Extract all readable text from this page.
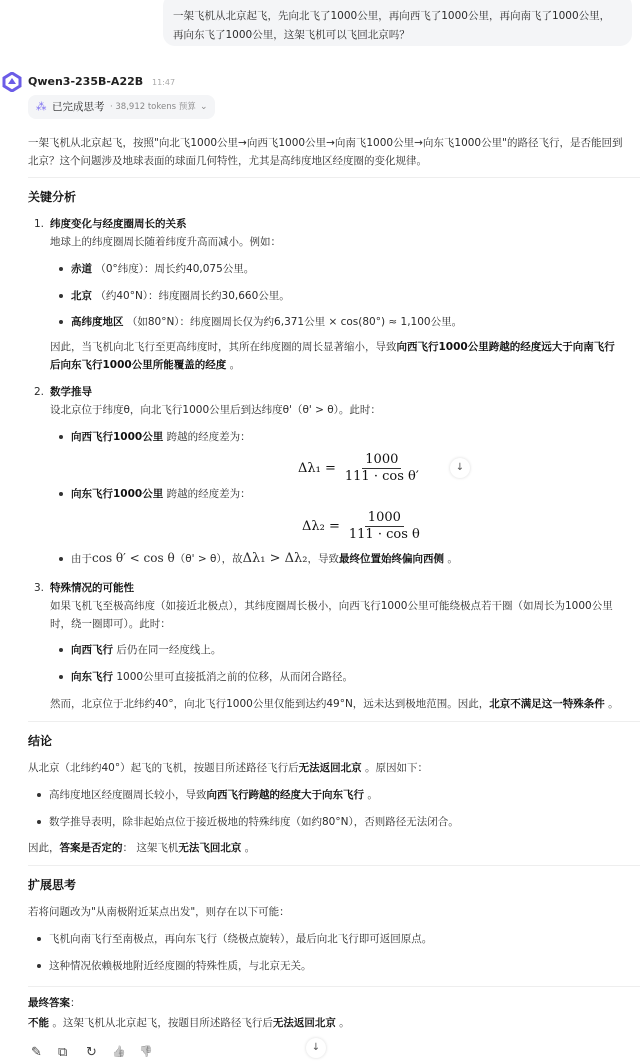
一架飞机从北京起飞，先向北飞了1000公里，再向西飞了1000公里，再向南飞了1000公里，
再向东飞了1000公里，这架飞机可以飞回北京吗？
Qwen3-235B-A22B 11:47
⁂ 已完成思考 · 38,912 tokens 预算 ⌄
一架飞机从北京起飞，按照"向北飞1000公里→向西飞1000公里→向南飞1000公里→向东飞1000公里"的路径飞行，是否能回到
北京？这个问题涉及地球表面的球面几何特性，尤其是高纬度地区经度圈的变化规律。
关键分析
1. 纬度变化与经度圈周长的关系
地球上的纬度圈周长随着纬度升高而减小。例如：
赤道 （0°纬度）：周长约40,075公里。
北京 （约40°N）：纬度圈周长约30,660公里。
高纬度地区 （如80°N）：纬度圈周长仅为约6,371公里 × cos(80°) ≈ 1,100公里。
因此，当飞机向北飞行至更高纬度时，其所在纬度圈的周长显著缩小，导致向西飞行1000公里跨越的经度远大于向南飞行
后向东飞行1000公里所能覆盖的经度 。
2. 数学推导
设北京位于纬度θ，向北飞行1000公里后到达纬度θ'（θ' > θ）。此时：
向西飞行1000公里 跨越的经度差为：
$\Delta\lambda_1 = \frac{1000}{\text{111 · cos θ′}}$
向东飞行1000公里 跨越的经度差为：
$\Delta\lambda_2 = \frac{1000}{\text{111 · cos θ}}$
由于cos θ′ < cos θ（θ' > θ），故Δλ₁ > Δλ₂，导致最终位置始终偏向西侧 。
3. 特殊情况的可能性
如果飞机飞至极高纬度（如接近北极点），其纬度圈周长极小，向西飞行1000公里可能绕极点若干圈（如周长为1000公里
时，绕一圈即可）。此时：
向西飞行 后仍在同一经度线上。
向东飞行 1000公里可直接抵消之前的位移，从而闭合路径。
然而，北京位于北纬约40°，向北飞行1000公里仅能到达约49°N，远未达到极地范围。因此，北京不满足这一特殊条件 。
结论
从北京（北纬约40°）起飞的飞机，按题目所述路径飞行后无法返回北京 。原因如下：
高纬度地区经度圈周长较小，导致向西飞行跨越的经度大于向东飞行 。
数学推导表明，除非起始点位于接近极地的特殊纬度（如约80°N），否则路径无法闭合。
因此，答案是否定的： 这架飞机无法飞回北京 。
扩展思考
若将问题改为"从南极附近某点出发"，则存在以下可能：
飞机向南飞行至南极点，再向东飞行（绕极点旋转），最后向北飞行即可返回原点。
这种情况依赖极地附近经度圈的特殊性质，与北京无关。
最终答案：
不能 。这架飞机从北京起飞，按题目所述路径飞行后无法返回北京 。
✎ ⧉ ↻ 👍 👎
↓
↓
